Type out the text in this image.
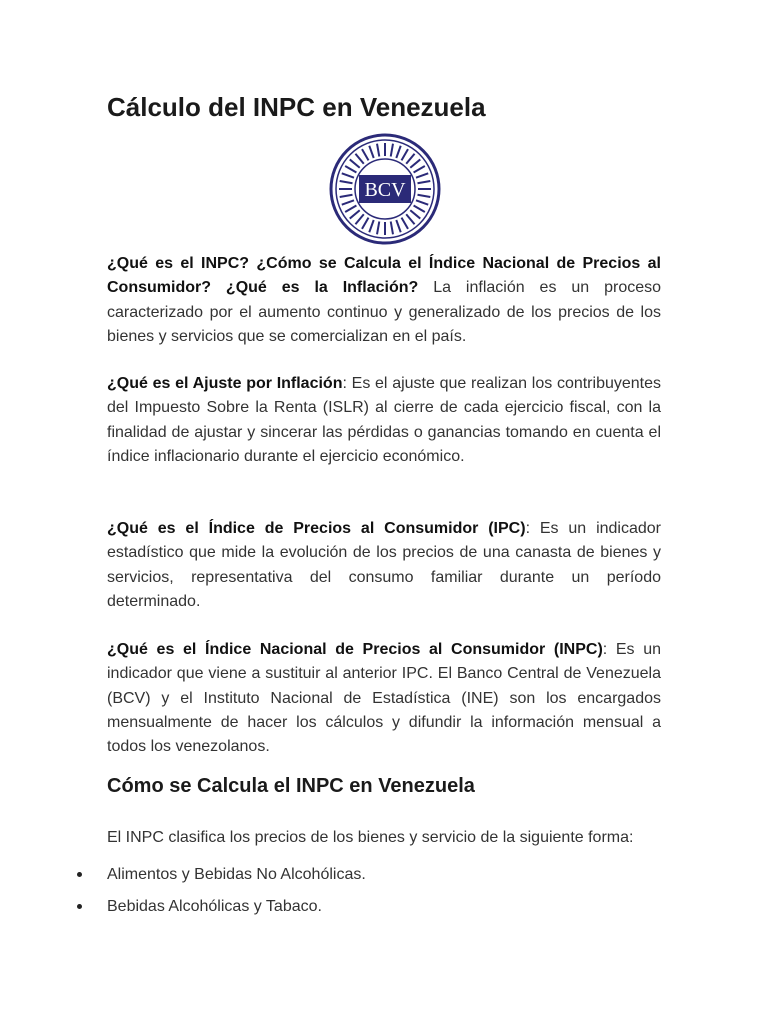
Cálculo del INPC en Venezuela
BCV

¿Qué es el INPC? ¿Cómo se Calcula el Índice Nacional de Precios al Consumidor? ¿Qué es la Inflación? La inflación es un proceso caracterizado por el aumento continuo y generalizado de los precios de los bienes y servicios que se comercializan en el país.

¿Qué es el Ajuste por Inflación: Es el ajuste que realizan los contribuyentes del Impuesto Sobre la Renta (ISLR) al cierre de cada ejercicio fiscal, con la finalidad de ajustar y sincerar las pérdidas o ganancias tomando en cuenta el índice inflacionario durante el ejercicio económico.

¿Qué es el Índice de Precios al Consumidor (IPC): Es un indicador estadístico que mide la evolución de los precios de una canasta de bienes y servicios, representativa del consumo familiar durante un período determinado.

¿Qué es el Índice Nacional de Precios al Consumidor (INPC): Es un indicador que viene a sustituir al anterior IPC. El Banco Central de Venezuela (BCV) y el Instituto Nacional de Estadística (INE) son los encargados mensualmente de hacer los cálculos y difundir la información mensual a todos los venezolanos.

Cómo se Calcula el INPC en Venezuela

El INPC clasifica los precios de los bienes y servicio de la siguiente forma:

Alimentos y Bebidas No Alcohólicas.
Bebidas Alcohólicas y Tabaco.
